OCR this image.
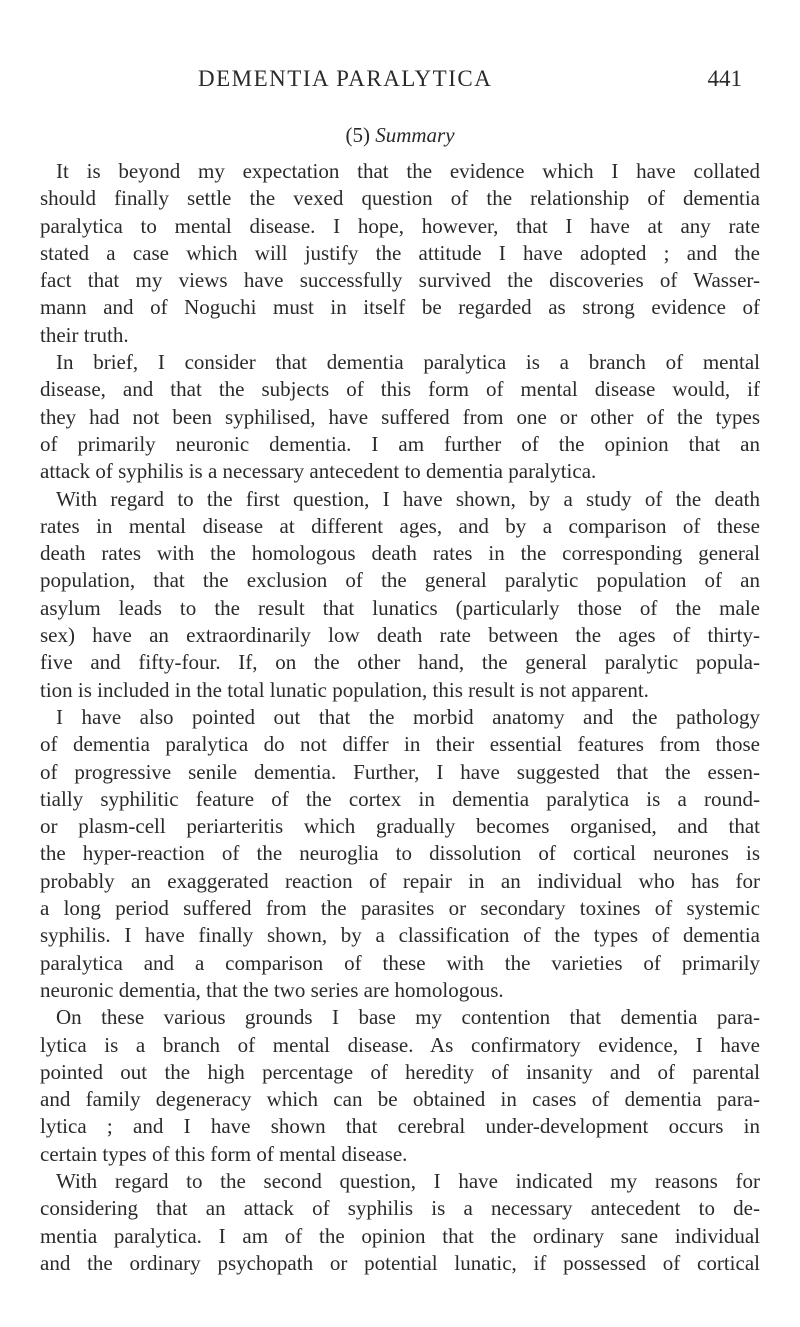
DEMENTIA PARALYTICA	441
(5) Summary
It is beyond my expectation that the evidence which I have collated
should finally settle the vexed question of the relationship of dementia
paralytica to mental disease. I hope, however, that I have at any rate
stated a case which will justify the attitude I have adopted ; and the
fact that my views have successfully survived the discoveries of Wasser-
mann and of Noguchi must in itself be regarded as strong evidence of
their truth.
In brief, I consider that dementia paralytica is a branch of mental
disease, and that the subjects of this form of mental disease would, if
they had not been syphilised, have suffered from one or other of the types
of primarily neuronic dementia. I am further of the opinion that an
attack of syphilis is a necessary antecedent to dementia paralytica.
With regard to the first question, I have shown, by a study of the death
rates in mental disease at different ages, and by a comparison of these
death rates with the homologous death rates in the corresponding general
population, that the exclusion of the general paralytic population of an
asylum leads to the result that lunatics (particularly those of the male
sex) have an extraordinarily low death rate between the ages of thirty-
five and fifty-four. If, on the other hand, the general paralytic popula-
tion is included in the total lunatic population, this result is not apparent.
I have also pointed out that the morbid anatomy and the pathology
of dementia paralytica do not differ in their essential features from those
of progressive senile dementia. Further, I have suggested that the essen-
tially syphilitic feature of the cortex in dementia paralytica is a round-
or plasm-cell periarteritis which gradually becomes organised, and that
the hyper-reaction of the neuroglia to dissolution of cortical neurones is
probably an exaggerated reaction of repair in an individual who has for
a long period suffered from the parasites or secondary toxines of systemic
syphilis. I have finally shown, by a classification of the types of dementia
paralytica and a comparison of these with the varieties of primarily
neuronic dementia, that the two series are homologous.
On these various grounds I base my contention that dementia para-
lytica is a branch of mental disease. As confirmatory evidence, I have
pointed out the high percentage of heredity of insanity and of parental
and family degeneracy which can be obtained in cases of dementia para-
lytica ; and I have shown that cerebral under-development occurs in
certain types of this form of mental disease.
With regard to the second question, I have indicated my reasons for
considering that an attack of syphilis is a necessary antecedent to de-
mentia paralytica. I am of the opinion that the ordinary sane individual
and the ordinary psychopath or potential lunatic, if possessed of cortical
